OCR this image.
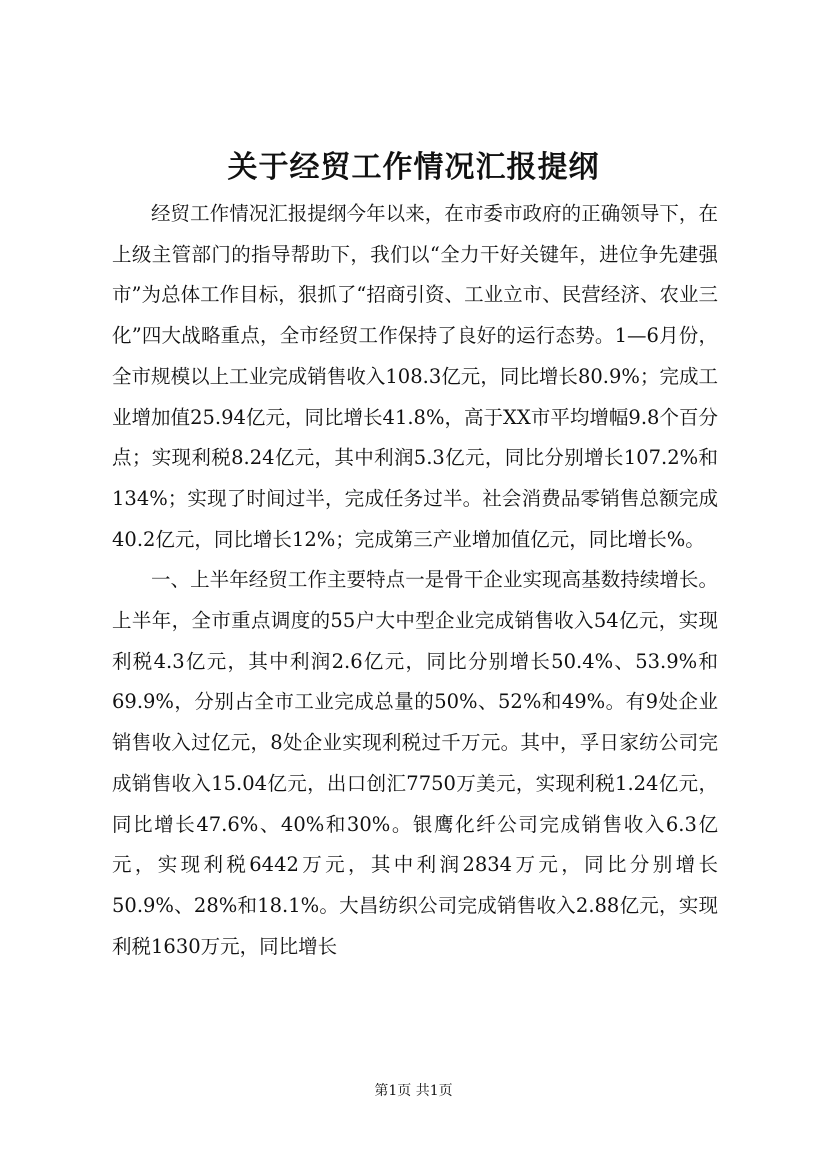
关于经贸工作情况汇报提纲

经贸工作情况汇报提纲今年以来，在市委市政府的正确领导下，在上级主管部门的指导帮助下，我们以“全力干好关键年，进位争先建强市”为总体工作目标，狠抓了“招商引资、工业立市、民营经济、农业三化”四大战略重点，全市经贸工作保持了良好的运行态势。1—6月份，全市规模以上工业完成销售收入108.3亿元，同比增长80.9%；完成工业增加值25.94亿元，同比增长41.8%，高于XX市平均增幅9.8个百分点；实现利税8.24亿元，其中利润5.3亿元，同比分别增长107.2%和134%；实现了时间过半，完成任务过半。社会消费品零销售总额完成40.2亿元，同比增长12%；完成第三产业增加值亿元，同比增长%。

一、上半年经贸工作主要特点一是骨干企业实现高基数持续增长。上半年，全市重点调度的55户大中型企业完成销售收入54亿元，实现利税4.3亿元，其中利润2.6亿元，同比分别增长50.4%、53.9%和69.9%，分别占全市工业完成总量的50%、52%和49%。有9处企业销售收入过亿元，8处企业实现利税过千万元。其中，孚日家纺公司完成销售收入15.04亿元，出口创汇7750万美元，实现利税1.24亿元，同比增长47.6%、40%和30%。银鹰化纤公司完成销售收入6.3亿元，实现利税6442万元，其中利润2834万元，同比分别增长50.9%、28%和18.1%。大昌纺织公司完成销售收入2.88亿元，实现利税1630万元，同比增长

第1页 共1页
